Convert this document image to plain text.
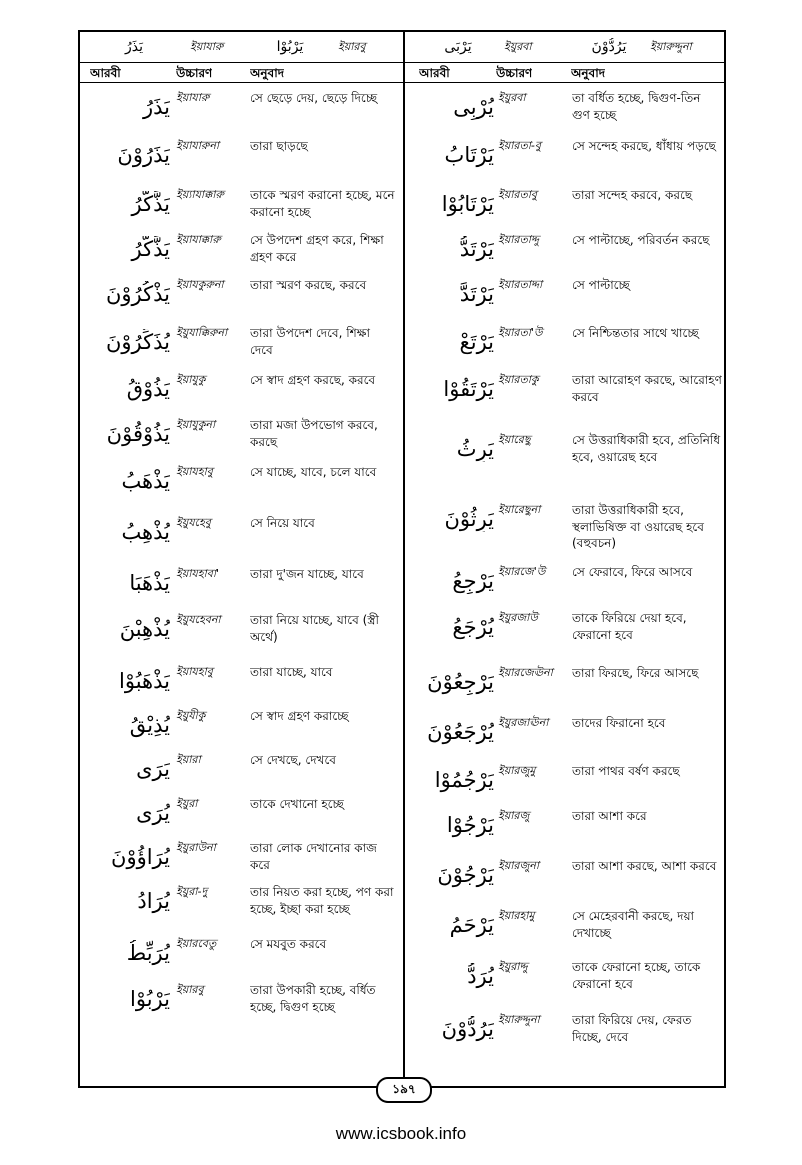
يَذَرُ	ইয়াযারু	يَرْبُوْا	ইয়ারবু	يَرْبَى	ইয়ুরবা	يَرُدُّوْنَ	ইয়ারুদ্দুনা
আরবী	উচ্চারণ	অনুবাদ	আরবী	উচ্চারণ	অনুবাদ
يَذَرُ ইয়াযারু	সে ছেড়ে দেয়, ছেড়ে দিচ্ছে
يَذَرُوْنَ ইয়াযারুনা	তারা ছাড়ছে
يَذَّكَّرُ ইয়্যাযাক্কারু	তাকে স্মরণ করানো হচ্ছে, মনে করানো হচ্ছে
يَذَّكَّرُ ইয়াযাক্কারু	সে উপদেশ গ্রহণ করে, শিক্ষা গ্রহণ করে
يَذْكُرُوْنَ ইয়াযকুরুনা	তারা স্মরণ করছে, করবে
يُذَكِّرُوْنَ ইয়ুযাক্কিরুনা	তারা উপদেশ দেবে, শিক্ষা দেবে
يَذُوْقُ ইয়াযুকু	সে স্বাদ গ্রহণ করছে, করবে
يَذُوْقُوْنَ ইয়াযুকুনা	তারা মজা উপভোগ করবে, করছে
يَذْهَبُ ইয়াযহাবু	সে যাচ্ছে, যাবে, চলে যাবে
يُذْهِبُ ইয়ুযহেবু	সে নিয়ে যাবে
يَذْهَبَا ইয়াযহাবা'	তারা দু'জন যাচ্ছে, যাবে
يُذْهِبْنَ ইয়ুযহেবনা	তারা নিয়ে যাচ্ছে, যাবে (স্ত্রী অর্থে)
يَذْهَبُوْا ইয়াযহাবু	তারা যাচ্ছে, যাবে
يُذِيْقُ ইয়ুযীকু	সে স্বাদ গ্রহণ করাচ্ছে
يَرَى ইয়ারা	সে দেখছে, দেখবে
يُرَى ইয়ুরা	তাকে দেখানো হচ্ছে
يُرَاؤُوْنَ ইয়ুরাউনা	তারা লোক দেখানোর কাজ করে
يُرَادُ ইয়ুরা-দু	তার নিয়ত করা হচ্ছে, পণ করা হচ্ছে, ইচ্ছা করা হচ্ছে
يُرَبِّطُ ইয়ারবেতু	সে মযবুত করবে
يَرْبُوْا ইয়ারবু	তারা উপকারী হচ্ছে, বর্ধিত হচ্ছে, দ্বিগুণ হচ্ছে
يُرْبِى ইয়ুরবা	তা বর্ধিত হচ্ছে, দ্বিগুণ-তিন গুণ হচ্ছে
يَرْتَابُ ইয়ারতা-বু	সে সন্দেহ করছে, ধাঁধায় পড়ছে
يَرْتَابُوْا ইয়ারতাবু	তারা সন্দেহ করবে, করছে
يَرْتَدُّ ইয়ারতাদ্দু	সে পাল্টাচ্ছে, পরিবর্তন করছে
يَرْتَدَّ ইয়ারতাদ্দা	সে পাল্টাচ্ছে
يَرْتَعْ ইয়ারতা'উ	সে নিশ্চিন্ততার সাথে খাচ্ছে
يَرْتَقُوْا ইয়ারতাকু	তারা আরোহণ করছে, আরোহণ করবে
يَرِثُ ইয়ারেছু	সে উত্তরাধিকারী হবে, প্রতিনিধি হবে, ওয়ারেছ হবে
يَرِثُوْنَ ইয়ারেছুনা	তারা উত্তরাধিকারী হবে, স্থলাভিষিক্ত বা ওয়ারেছ হবে (বহুবচন)
يَرْجِعُ ইয়ারজে'উ	সে ফেরাবে, ফিরে আসবে
يُرْجَعُ ইয়ুরজাউ	তাকে ফিরিয়ে দেয়া হবে, ফেরানো হবে
يَرْجِعُوْنَ ইয়ারজেঊনা	তারা ফিরছে, ফিরে আসছে
يُرْجَعُوْنَ ইয়ুরজাঊনা	তাদের ফিরানো হবে
يَرْجُمُوْا ইয়ারজুমু	তারা পাথর বর্ষণ করছে
يَرْجُوْا ইয়ারজু	তারা আশা করে
يَرْجُوْنَ ইয়ারজুনা	তারা আশা করছে, আশা করবে
يَرْحَمُ ইয়ারহামু	সে মেহেরবানী করছে, দয়া দেখাচ্ছে
يُرَدُّ ইয়ুরাদ্দু	তাকে ফেরানো হচ্ছে, তাকে ফেরানো হবে
يَرُدُّوْنَ ইয়ারুদ্দুনা	তারা ফিরিয়ে দেয়, ফেরত দিচ্ছে, দেবে
১৯৭
www.icsbook.info
